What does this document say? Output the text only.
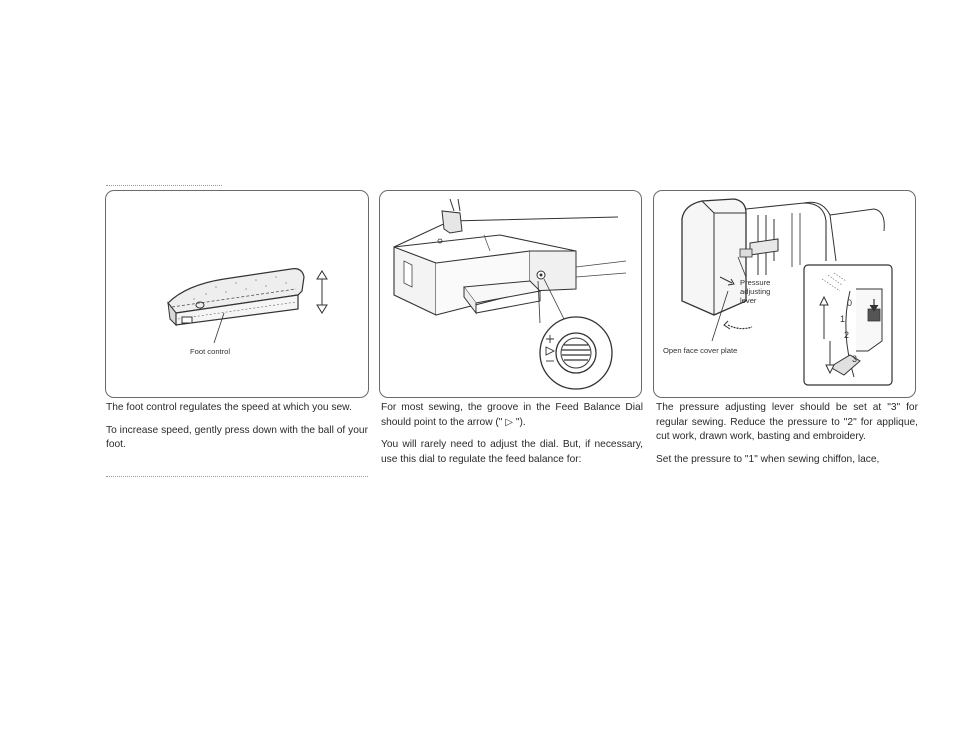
Foot control
Pressure
adjusting
lever
Open face cover plate
0
1
2
3

The foot control regulates the speed at which you sew.

To increase speed, gently press down with the ball of your foot.

For most sewing, the groove in the Feed Balance Dial should point to the arrow (" ▷ ").

You will rarely need to adjust the dial. But, if necessary, use this dial to regulate the feed balance for:

The pressure adjusting lever should be set at "3" for regular sewing. Reduce the pressure to "2" for applique, cut work, drawn work, basting and embroidery.

Set the pressure to "1" when sewing chiffon, lace,
